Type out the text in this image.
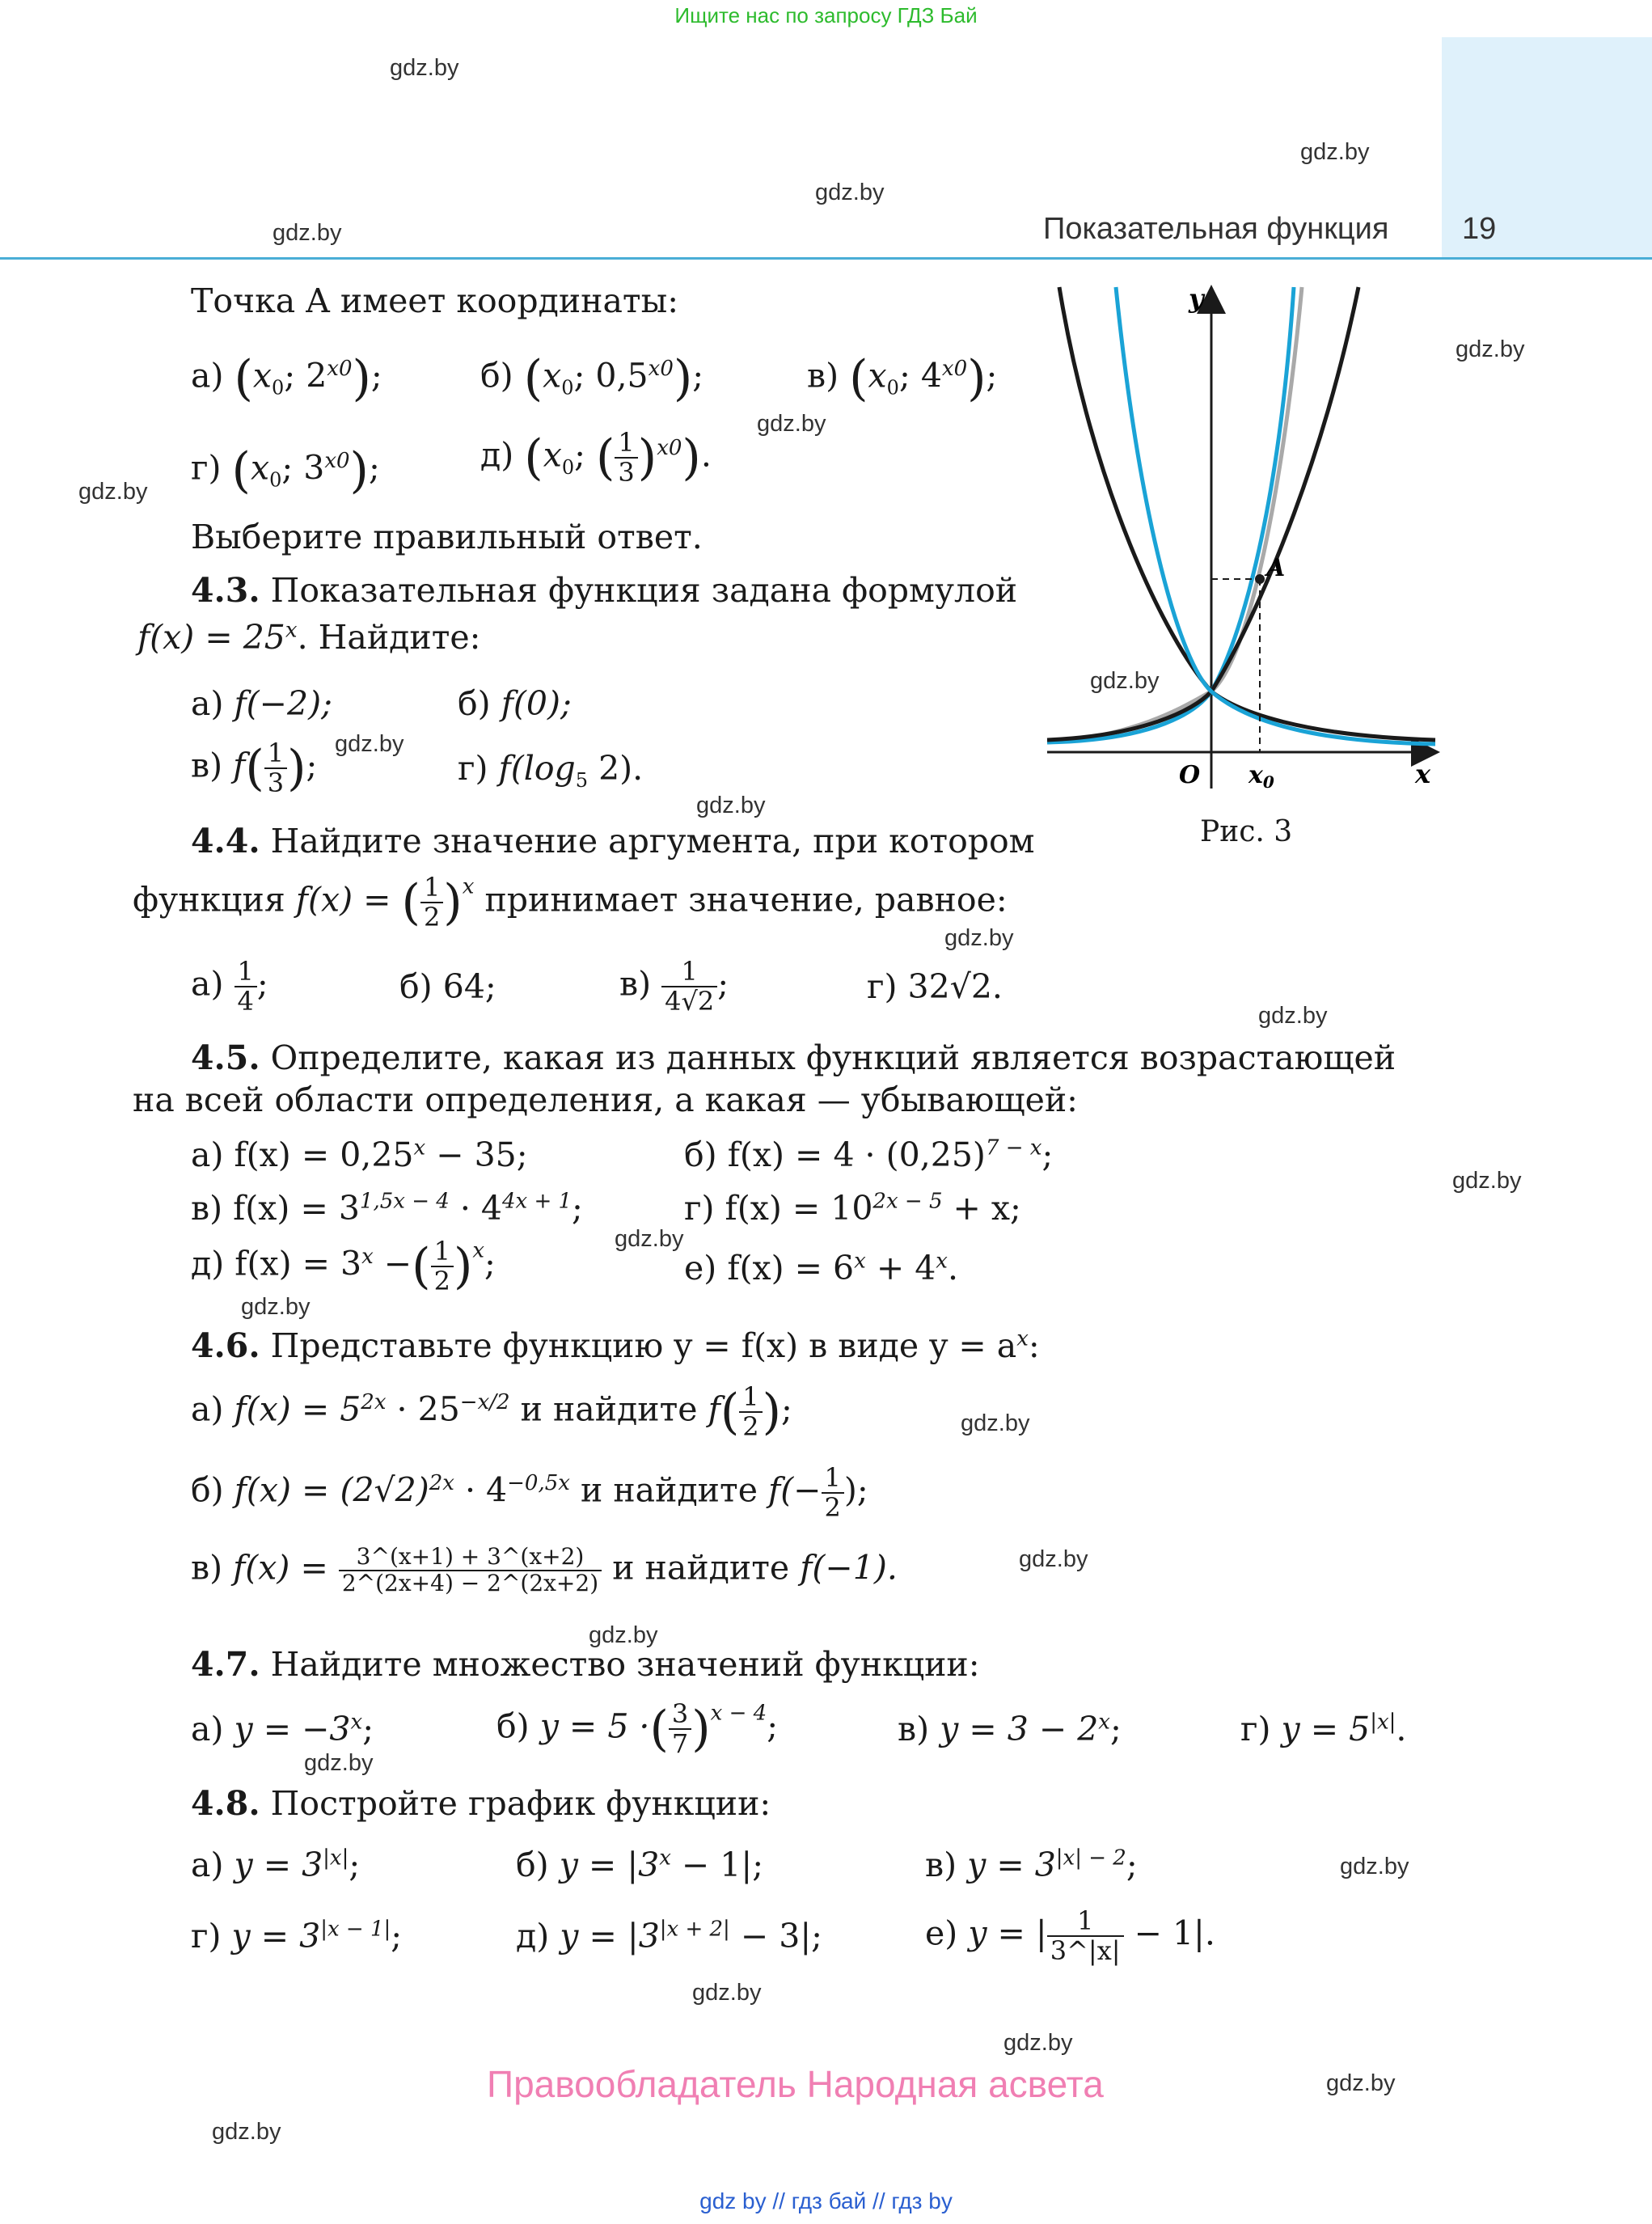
Ищите нас по запросу ГДЗ Бай
Показательная функция 19
gdz.by
gdz.by
gdz.by
gdz.by
gdz.by
gdz.by
gdz.by
gdz.by
gdz.by
gdz.by
gdz.by
gdz.by
gdz.by
gdz.by
gdz.by
gdz.by
gdz.by
gdz.by
gdz.by
gdz.by
gdz.by
gdz.by
gdz.by
gdz.by
A
y
x
O $x_0$
Рис. 3
Точка A имеет координаты:
а) ($x_0$; $2^{x0}$);	б) ($x_0$; $0,5^{x0}$);	в) ($x_0$; $4^{x0}$);
г) ($x_0$; $3^{x0}$);	д) ($x_0$; ( $\frac{1}{3} )^{x0}$).
Выберите правильный ответ.
4.3. Показательная функция задана формулой
$f(x) = 25^x$. Найдите:
а) f(−2);	б) f(0);
в) $f( \frac{1}{3}$ );	г) $f(\log_5$ 2).
4.4. Найдите значение аргумента, при котором
функция f(x) = ( $\frac{1}{2} )^x$ принимает значение, равное:
$а) \frac{1}{4}$ ;	б) 64;	$в) \frac{1}{4√2}$ ;	г) 32√2.
4.5. Определите, какая из данных функций является возрастающей
на всей области определения, а какая — убывающей:
а) $f(x) = 0,25^x - 35$;	б) $f(x) = 4 \cdot (0,25)^{7 - x}$;
в) $f(x) = 3^{1,5x - 4} \cdot 4^{4x + 1}$;	г) $f(x) = 10^{2x - 5} + x$;
д) $f(x) = 3^x$ −( $\frac{1}{2} )^x$;	е) $f(x) = 6^x + 4^x$.
4.6. Представьте функцию y = f(x) в виде $y = a^x$:
а) $f(x) = 5^{2x} \cdot 25^{-x/2}$ и найдите $f( \frac{1}{2}$ );
б) $f(x) = (2√2)^{2x} \cdot 4^{-0,5x}$ и найдите $f(- \frac{1}{2}$ );
в) $f(x) = \frac{3\^{}(x+1) + 3\^{}(x+2)}{2\^{}(2x+4) - 2\^{}(2x+2)}$ и найдите f(−1).
4.7. Найдите множество значений функции:
а) $y = -3^x$;	б) y = 5 ·( $\frac{3}{7} )^{x - 4}$;	в) $y = 3 - 2^x$;	г) $y = 5^{|x|}$.
4.8. Постройте график функции:
а) $y = 3^{|x|}$;	б) $y = |3^x - 1|$;	в) $y = 3^{|x| - 2}$;
г) $y = 3^{|x - 1|}$;	д) $y = |3^{|x + 2|} - 3|$;	е) y = | $\frac{1}{3\^{}|x|} - 1|$.
Правообладатель Народная асвета
gdz by // гдз бай // гдз by
